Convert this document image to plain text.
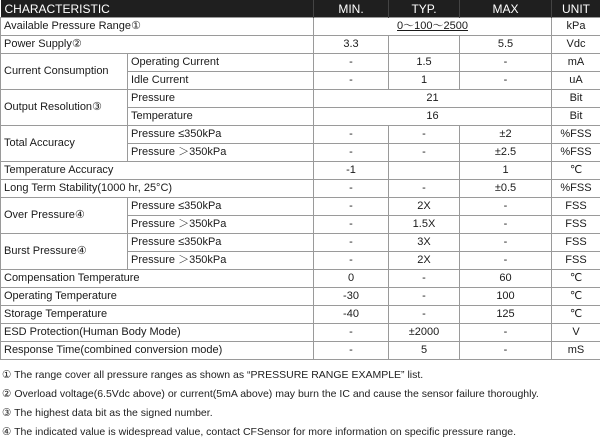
CHARACTERISTIC		MIN.	TYP.	MAX	UNIT
Available Pressure Range①		0～100～2500			kPa
Power Supply②		3.3		5.5	Vdc
Current Consumption	Operating Current	-	1.5	-	mA
	Idle Current	-	1	-	uA
Output Resolution③	Pressure	21			Bit
	Temperature	16			Bit
Total Accuracy	Pressure ≤350kPa	-	-	±2	%FSS
	Pressure ＞350kPa	-	-	±2.5	%FSS
Temperature Accuracy		-1		1	℃
Long Term Stability(1000 hr, 25°C)		-	-	±0.5	%FSS
Over Pressure④	Pressure ≤350kPa	-	2X	-	FSS
	Pressure ＞350kPa	-	1.5X	-	FSS
Burst Pressure④	Pressure ≤350kPa	-	3X	-	FSS
	Pressure ＞350kPa	-	2X	-	FSS
Compensation Temperature		0	-	60	℃
Operating Temperature		-30	-	100	℃
Storage Temperature		-40	-	125	℃
ESD Protection(Human Body Mode)		-	±2000	-	V
Response Time(combined conversion mode)		-	5	-	mS
① The range cover all pressure ranges as shown as “PRESSURE RANGE EXAMPLE” list.
② Overload voltage(6.5Vdc above) or current(5mA above) may burn the IC and cause the sensor failure thoroughly.
③ The highest data bit as the signed number.
④ The indicated value is widespread value, contact CFSensor for more information on specific pressure range.
